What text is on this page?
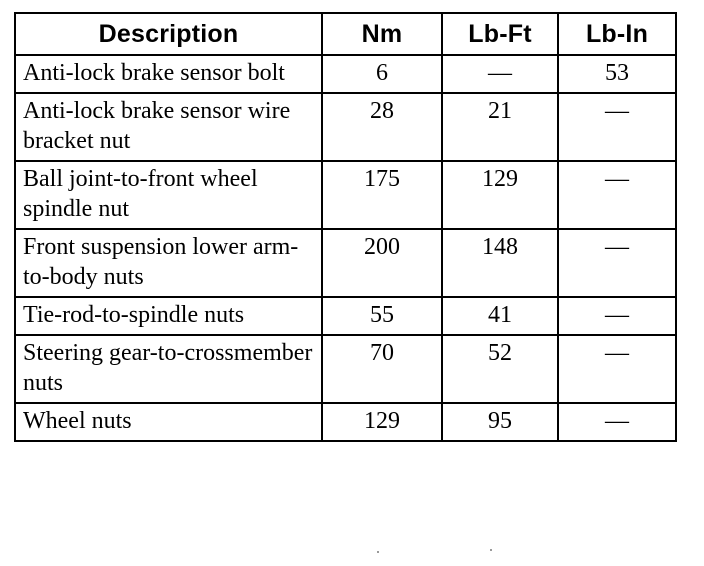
Description	Nm	Lb-Ft	Lb-In
Anti-lock brake sensor bolt	6	—	53
Anti-lock brake sensor wire bracket nut	28	21	—
Ball joint-to-front wheel spindle nut	175	129	—
Front suspension lower arm-to-body nuts	200	148	—
Tie-rod-to-spindle nuts	55	41	—
Steering gear-to-crossmember nuts	70	52	—
Wheel nuts	129	95	—
